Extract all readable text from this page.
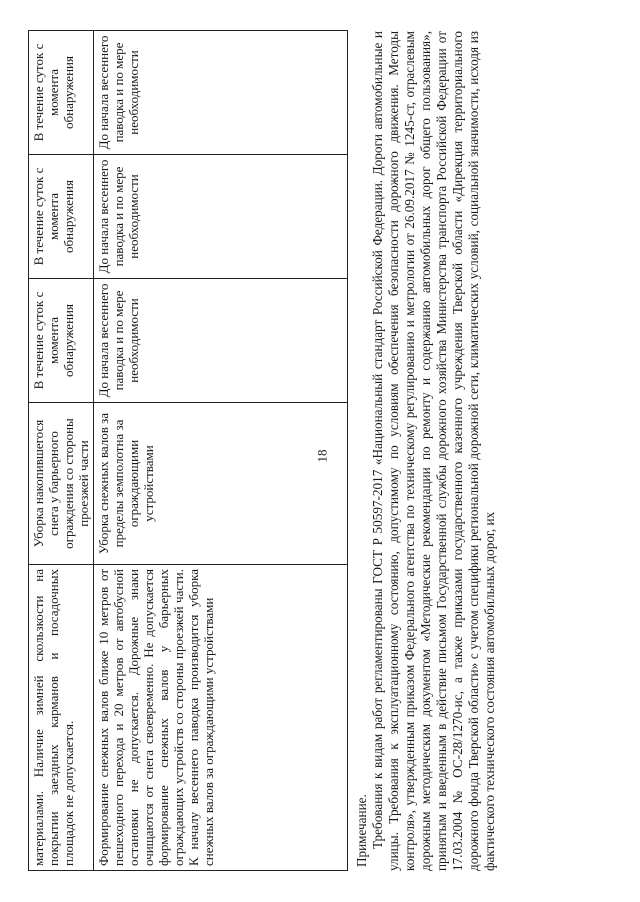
18
материалами. Наличие зимней скользкости на покрытии заездных карманов и посадочных площадок не допускается.	Уборка накопившегося снега у барьерного ограждения со стороны проезжей части	В течение суток с момента обнаружения	В течение суток с момента обнаружения	В течение суток с момента обнаружения
Формирование снежных валов ближе 10 метров от пешеходного перехода и 20 метров от автобусной остановки не допускается. Дорожные знаки очищаются от снега своевременно. Не допускается формирование снежных валов у барьерных ограждающих устройств со стороны проезжей части. К началу весеннего паводка производится уборка снежных валов за ограждающими устройствами	Уборка снежных валов за пределы земполотна за ограждающими устройствами	До начала весеннего паводка и по мере необходимости	До начала весеннего паводка и по мере необходимости	До начала весеннего паводка и по мере необходимости

Примечание. Требования к видам работ регламентированы ГОСТ Р 50597-2017 «Национальный стандарт Российской Федерации. Дороги автомобильные и улицы. Требования к эксплуатационному состоянию, допустимому по условиям обеспечения безопасности дорожного движения. Методы контроля», утвержденным приказом Федерального агентства по техническому регулированию и метрологии от 26.09.2017 № 1245-ст, отраслевым дорожным методическим документом «Методические рекомендации по ремонту и содержанию автомобильных дорог общего пользования», принятым и введенным в действие письмом Государственной службы дорожного хозяйства Министерства транспорта Российской Федерации от 17.03.2004 № ОС-28/1270-ис, а также приказами государственного казенного учреждения Тверской области «Дирекция территориального дорожного фонда Тверской области» с учетом специфики региональной дорожной сети, климатических условий, социальной значимости, исходя из фактического технического состояния автомобильных дорог, их
